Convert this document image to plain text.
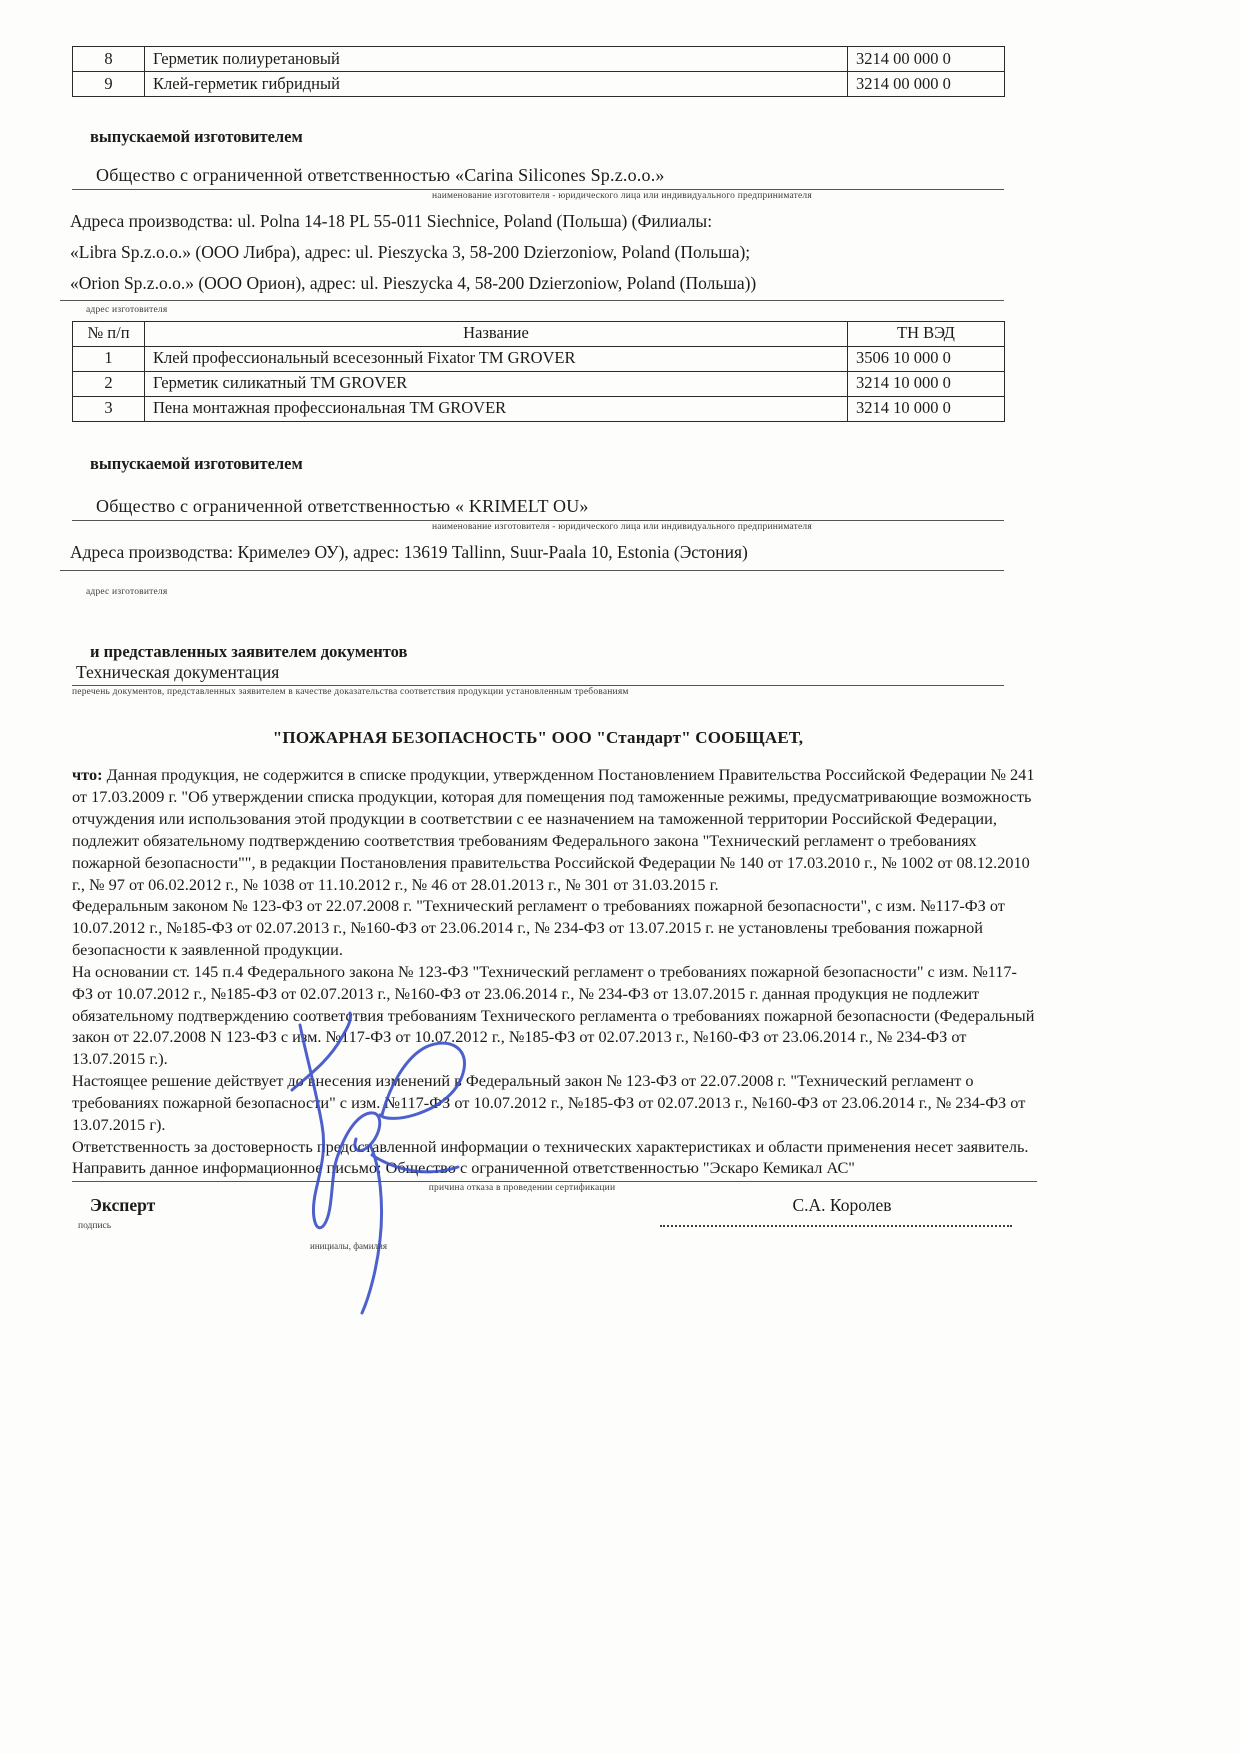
8	Герметик полиуретановый	3214 00 000 0
9	Клей-герметик гибридный	3214 00 000 0
выпускаемой изготовителем
Общество с ограниченной ответственностью «Carina Silicones Sp.z.o.o.»
наименование изготовителя - юридического лица или индивидуального предпринимателя
Адреса производства: ul. Polna 14-18 PL 55-011 Siechnice, Poland (Польша) (Филиалы:
«Libra Sp.z.o.o.» (ООО Либра), адрес: ul. Pieszycka 3, 58-200 Dzierzoniow, Poland (Польша);
«Orion Sp.z.o.o.» (ООО Орион), адрес: ul. Pieszycka 4, 58-200 Dzierzoniow, Poland (Польша))
адрес изготовителя
№ п/п	Название	ТН ВЭД
1	Клей профессиональный всесезонный Fixator TM GROVER	3506 10 000 0
2	Герметик силикатный TM GROVER	3214 10 000 0
3	Пена монтажная профессиональная TM GROVER	3214 10 000 0
выпускаемой изготовителем
Общество с ограниченной ответственностью « KRIMELT OU»
наименование изготовителя - юридического лица или индивидуального предпринимателя
Адреса производства: Кримелеэ ОУ), адрес: 13619 Tallinn, Suur-Paala 10, Estonia (Эстония)
адрес изготовителя
и представленных заявителем документов
Техническая документация
перечень документов, представленных заявителем в качестве доказательства соответствия продукции установленным требованиям
"ПОЖАРНАЯ БЕЗОПАСНОСТЬ" ООО "Стандарт" СООБЩАЕТ,

что: Данная продукция, не содержится в списке продукции, утвержденном Постановлением Правительства Российской Федерации № 241 от 17.03.2009 г. "Об утверждении списка продукции, которая для помещения под таможенные режимы, предусматривающие возможность отчуждения или использования этой продукции в соответствии с ее назначением на таможенной территории Российской Федерации, подлежит обязательному подтверждению соответствия требованиям Федерального закона "Технический регламент о требованиях пожарной безопасности"", в редакции Постановления правительства Российской Федерации № 140 от 17.03.2010 г., № 1002 от 08.12.2010 г., № 97 от 06.02.2012 г., № 1038 от 11.10.2012 г., № 46 от 28.01.2013 г., № 301 от 31.03.2015 г.

Федеральным законом № 123-ФЗ от 22.07.2008 г. "Технический регламент о требованиях пожарной безопасности", с изм. №117-ФЗ от 10.07.2012 г., №185-ФЗ от 02.07.2013 г., №160-ФЗ от 23.06.2014 г., № 234-ФЗ от 13.07.2015 г. не установлены требования пожарной безопасности к заявленной продукции.

На основании ст. 145 п.4 Федерального закона № 123-ФЗ "Технический регламент о требованиях пожарной безопасности" с изм. №117-ФЗ от 10.07.2012 г., №185-ФЗ от 02.07.2013 г., №160-ФЗ от 23.06.2014 г., № 234-ФЗ от 13.07.2015 г. данная продукция не подлежит обязательному подтверждению соответствия требованиям Технического регламента о требованиях пожарной безопасности (Федеральный закон от 22.07.2008 N 123-ФЗ с изм. №117-ФЗ от 10.07.2012 г., №185-ФЗ от 02.07.2013 г., №160-ФЗ от 23.06.2014 г., № 234-ФЗ от 13.07.2015 г.).

Настоящее решение действует до внесения изменений в Федеральный закон № 123-ФЗ от 22.07.2008 г. "Технический регламент о требованиях пожарной безопасности" с изм. №117-ФЗ от 10.07.2012 г., №185-ФЗ от 02.07.2013 г., №160-ФЗ от 23.06.2014 г., № 234-ФЗ от 13.07.2015 г).

Ответственность за достоверность предоставленной информации о технических характеристиках и области применения несет заявитель.

Направить данное информационное письмо: Общество с ограниченной ответственностью "Эскаро Кемикал АС"

причина отказа в проведении сертификации
Эксперт
подпись
инициалы, фамилия
С.А. Королев
